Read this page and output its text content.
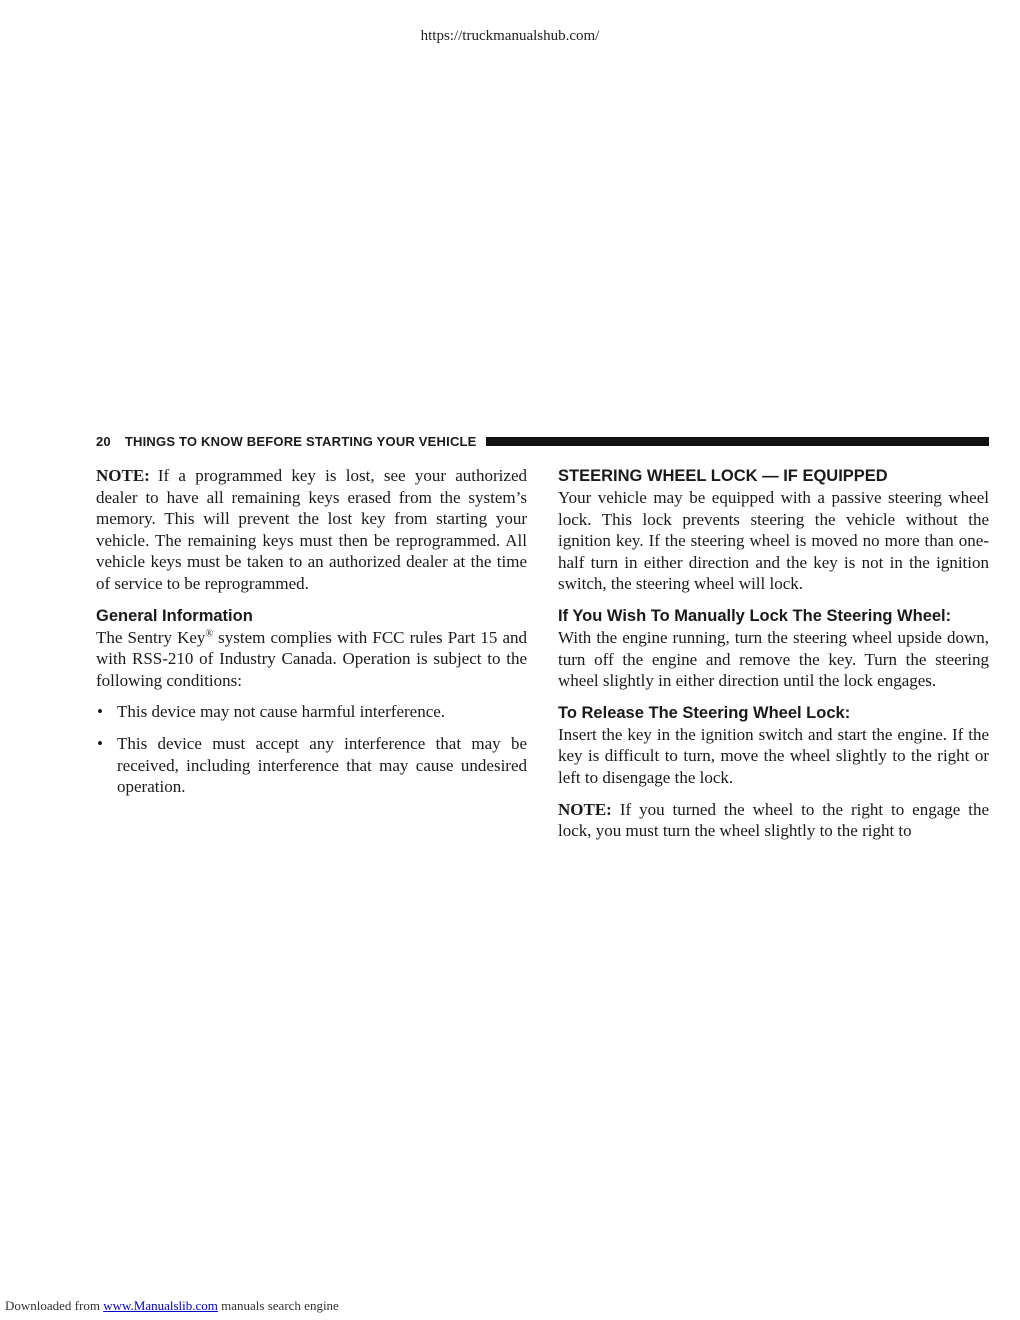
https://truckmanualshub.com/
20 THINGS TO KNOW BEFORE STARTING YOUR VEHICLE

NOTE: If a programmed key is lost, see your authorized dealer to have all remaining keys erased from the system’s memory. This will prevent the lost key from starting your vehicle. The remaining keys must then be reprogrammed. All vehicle keys must be taken to an authorized dealer at the time of service to be reprogrammed.

General Information

The Sentry Key® system complies with FCC rules Part 15 and with RSS-210 of Industry Canada. Operation is subject to the following conditions:

• This device may not cause harmful interference.
• This device must accept any interference that may be received, including interference that may cause undesired operation.
STEERING WHEEL LOCK — IF EQUIPPED

Your vehicle may be equipped with a passive steering wheel lock. This lock prevents steering the vehicle without the ignition key. If the steering wheel is moved no more than one-half turn in either direction and the key is not in the ignition switch, the steering wheel will lock.

If You Wish To Manually Lock The Steering Wheel:

With the engine running, turn the steering wheel upside down, turn off the engine and remove the key. Turn the steering wheel slightly in either direction until the lock engages.

To Release The Steering Wheel Lock:

Insert the key in the ignition switch and start the engine. If the key is difficult to turn, move the wheel slightly to the right or left to disengage the lock.

NOTE: If you turned the wheel to the right to engage the lock, you must turn the wheel slightly to the right to

Downloaded from www.Manualslib.com manuals search engine
